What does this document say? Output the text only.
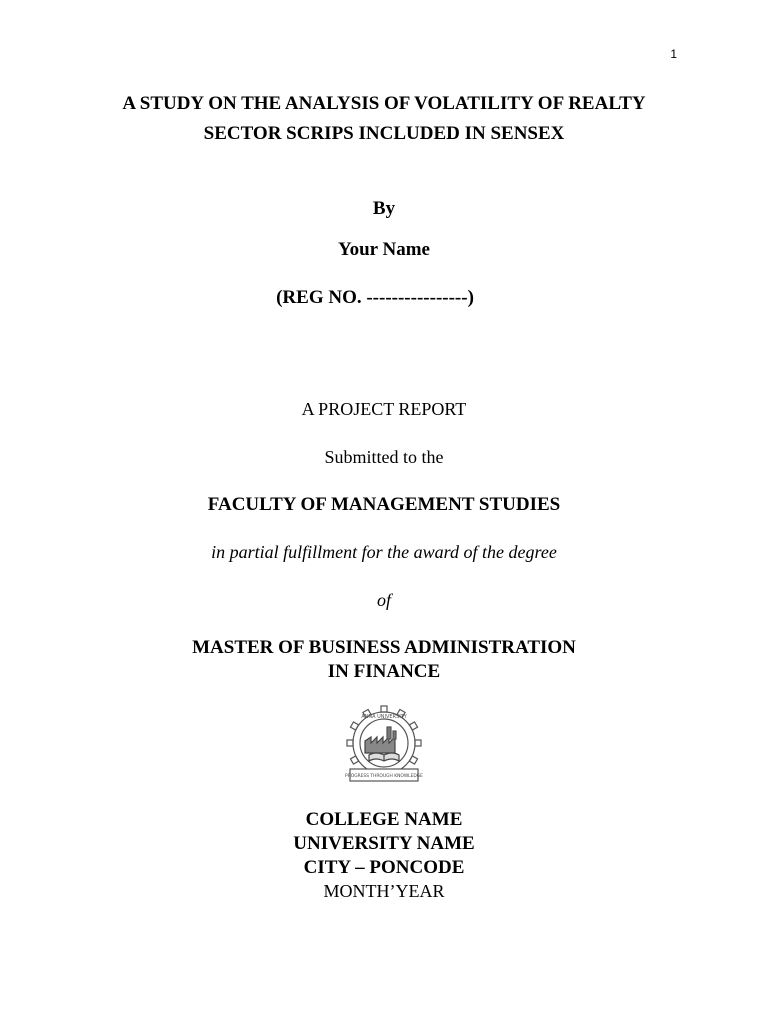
1
A STUDY ON THE ANALYSIS OF VOLATILITY OF REALTY
SECTOR SCRIPS INCLUDED IN SENSEX
By
Your Name
(REG NO. ----------------)
A PROJECT REPORT
Submitted to the
FACULTY OF MANAGEMENT STUDIES
in partial fulfillment for the award of the degree
of
MASTER OF BUSINESS ADMINISTRATION
IN FINANCE
ANNA UNIVERSITY
PROGRESS THROUGH KNOWLEDGE
COLLEGE NAME
UNIVERSITY NAME
CITY – PONCODE
MONTH’YEAR
